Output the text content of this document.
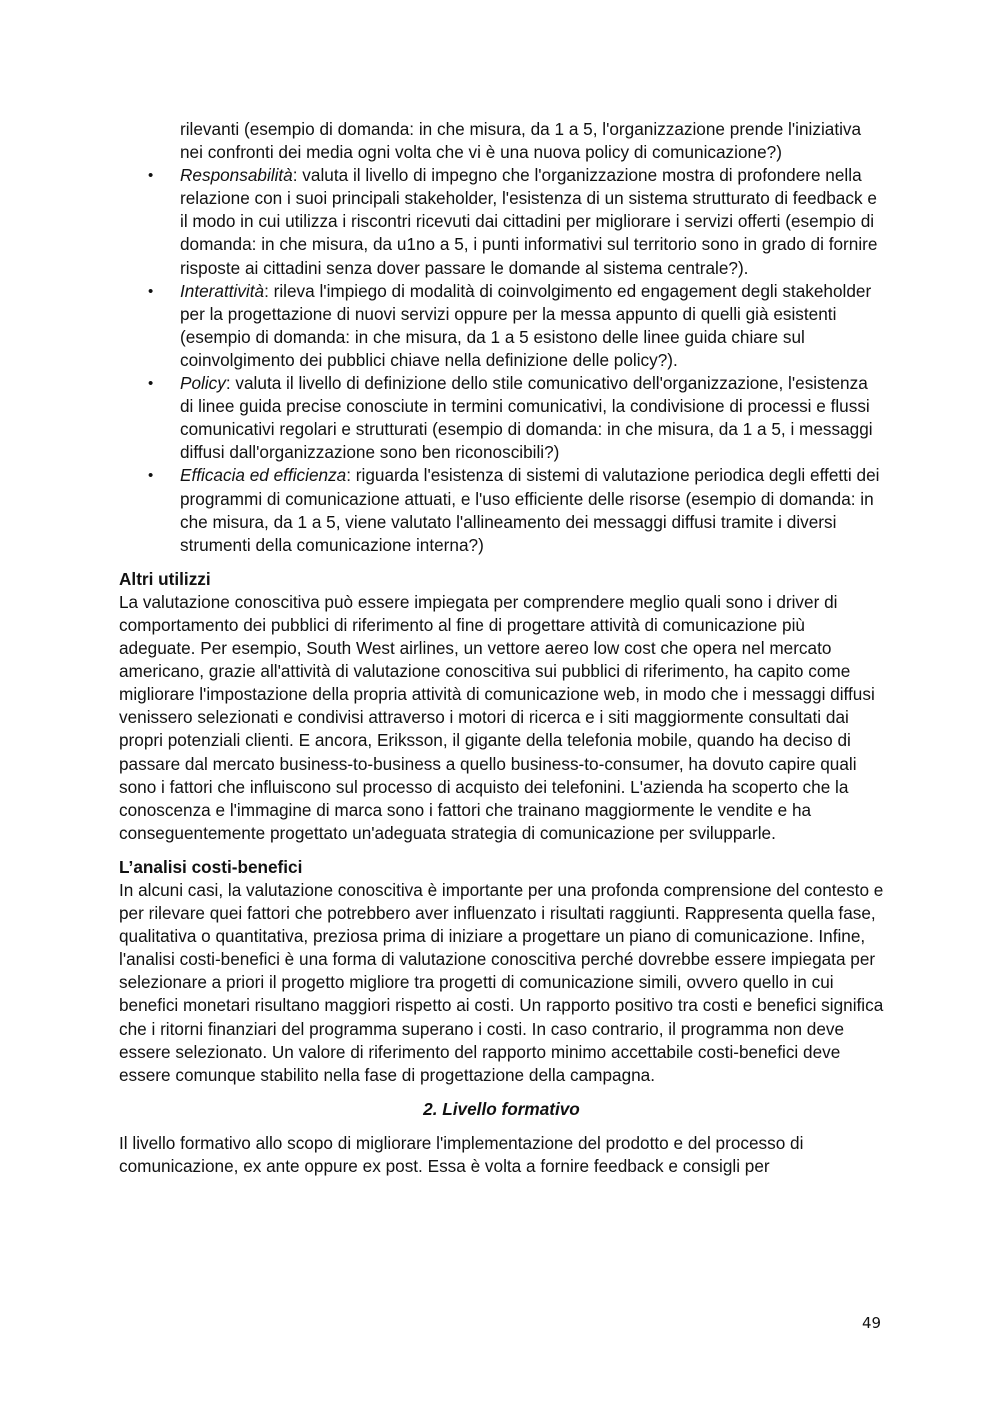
rilevanti (esempio di domanda: in che misura, da 1 a 5, l'organizzazione prende l'iniziativa nei confronti dei media ogni volta che vi è una nuova policy di comunicazione?)

• Responsabilità: valuta il livello di impegno che l'organizzazione mostra di profondere nella relazione con i suoi principali stakeholder, l'esistenza di un sistema strutturato di feedback e il modo in cui utilizza i riscontri ricevuti dai cittadini per migliorare i servizi offerti (esempio di domanda: in che misura, da u1no a 5, i punti informativi sul territorio sono in grado di fornire risposte ai cittadini senza dover passare le domande al sistema centrale?).
• Interattività: rileva l'impiego di modalità di coinvolgimento ed engagement degli stakeholder per la progettazione di nuovi servizi oppure per la messa appunto di quelli già esistenti (esempio di domanda: in che misura, da 1 a 5 esistono delle linee guida chiare sul coinvolgimento dei pubblici chiave nella definizione delle policy?).
• Policy: valuta il livello di definizione dello stile comunicativo dell'organizzazione, l'esistenza di linee guida precise conosciute in termini comunicativi, la condivisione di processi e flussi comunicativi regolari e strutturati (esempio di domanda: in che misura, da 1 a 5, i messaggi diffusi dall'organizzazione sono ben riconoscibili?)
• Efficacia ed efficienza: riguarda l'esistenza di sistemi di valutazione periodica degli effetti dei programmi di comunicazione attuati, e l'uso efficiente delle risorse (esempio di domanda: in che misura, da 1 a 5, viene valutato l'allineamento dei messaggi diffusi tramite i diversi strumenti della comunicazione interna?)

Altri utilizzi

La valutazione conoscitiva può essere impiegata per comprendere meglio quali sono i driver di comportamento dei pubblici di riferimento al fine di progettare attività di comunicazione più adeguate. Per esempio, South West airlines, un vettore aereo low cost che opera nel mercato americano, grazie all'attività di valutazione conoscitiva sui pubblici di riferimento, ha capito come migliorare l'impostazione della propria attività di comunicazione web, in modo che i messaggi diffusi venissero selezionati e condivisi attraverso i motori di ricerca e i siti maggiormente consultati dai propri potenziali clienti. E ancora, Eriksson, il gigante della telefonia mobile, quando ha deciso di passare dal mercato business-to-business a quello business-to-consumer, ha dovuto capire quali sono i fattori che influiscono sul processo di acquisto dei telefonini. L'azienda ha scoperto che la conoscenza e l'immagine di marca sono i fattori che trainano maggiormente le vendite e ha conseguentemente progettato un'adeguata strategia di comunicazione per svilupparle.

L’analisi costi-benefici

In alcuni casi, la valutazione conoscitiva è importante per una profonda comprensione del contesto e per rilevare quei fattori che potrebbero aver influenzato i risultati raggiunti. Rappresenta quella fase, qualitativa o quantitativa, preziosa prima di iniziare a progettare un piano di comunicazione. Infine, l'analisi costi-benefici è una forma di valutazione conoscitiva perché dovrebbe essere impiegata per selezionare a priori il progetto migliore tra progetti di comunicazione simili, ovvero quello in cui benefici monetari risultano maggiori rispetto ai costi. Un rapporto positivo tra costi e benefici significa che i ritorni finanziari del programma superano i costi. In caso contrario, il programma non deve essere selezionato. Un valore di riferimento del rapporto minimo accettabile costi-benefici deve essere comunque stabilito nella fase di progettazione della campagna.

2. Livello formativo

Il livello formativo allo scopo di migliorare l'implementazione del prodotto e del processo di comunicazione, ex ante oppure ex post. Essa è volta a fornire feedback e consigli per

49
